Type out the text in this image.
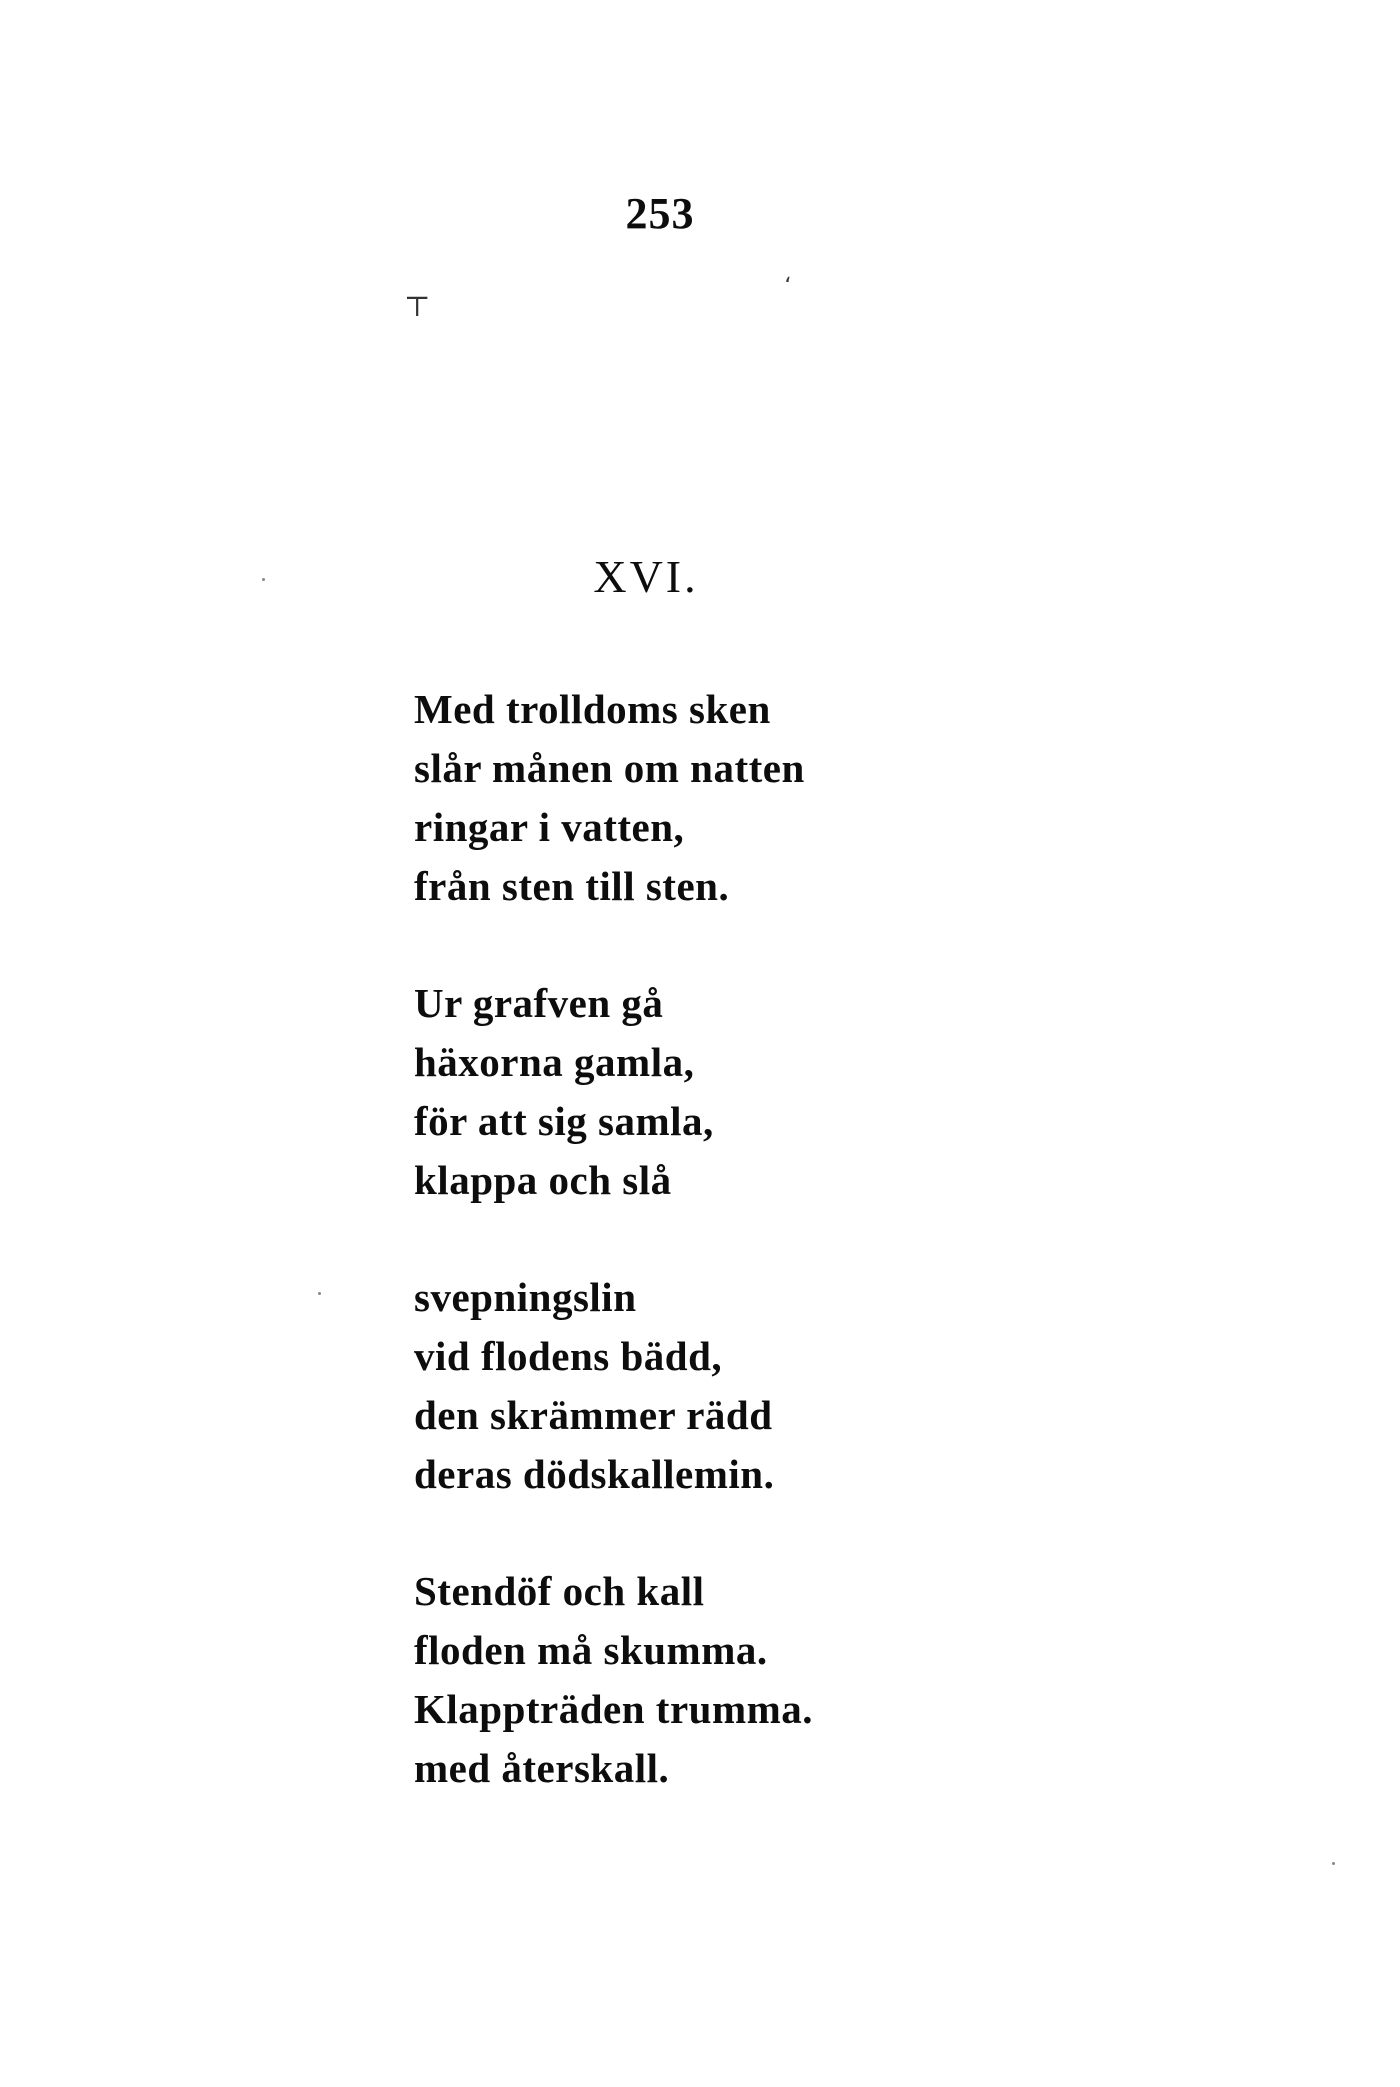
253
⊤
،
XVI.
Med trolldoms sken
slår månen om natten
ringar i vatten,
från sten till sten.
Ur grafven gå
häxorna gamla,
för att sig samla,
klappa och slå
svepningslin
vid flodens bädd,
den skrämmer rädd
deras dödskallemin.
Stendöf och kall
floden må skumma.
Klappträden trumma.
med återskall.
